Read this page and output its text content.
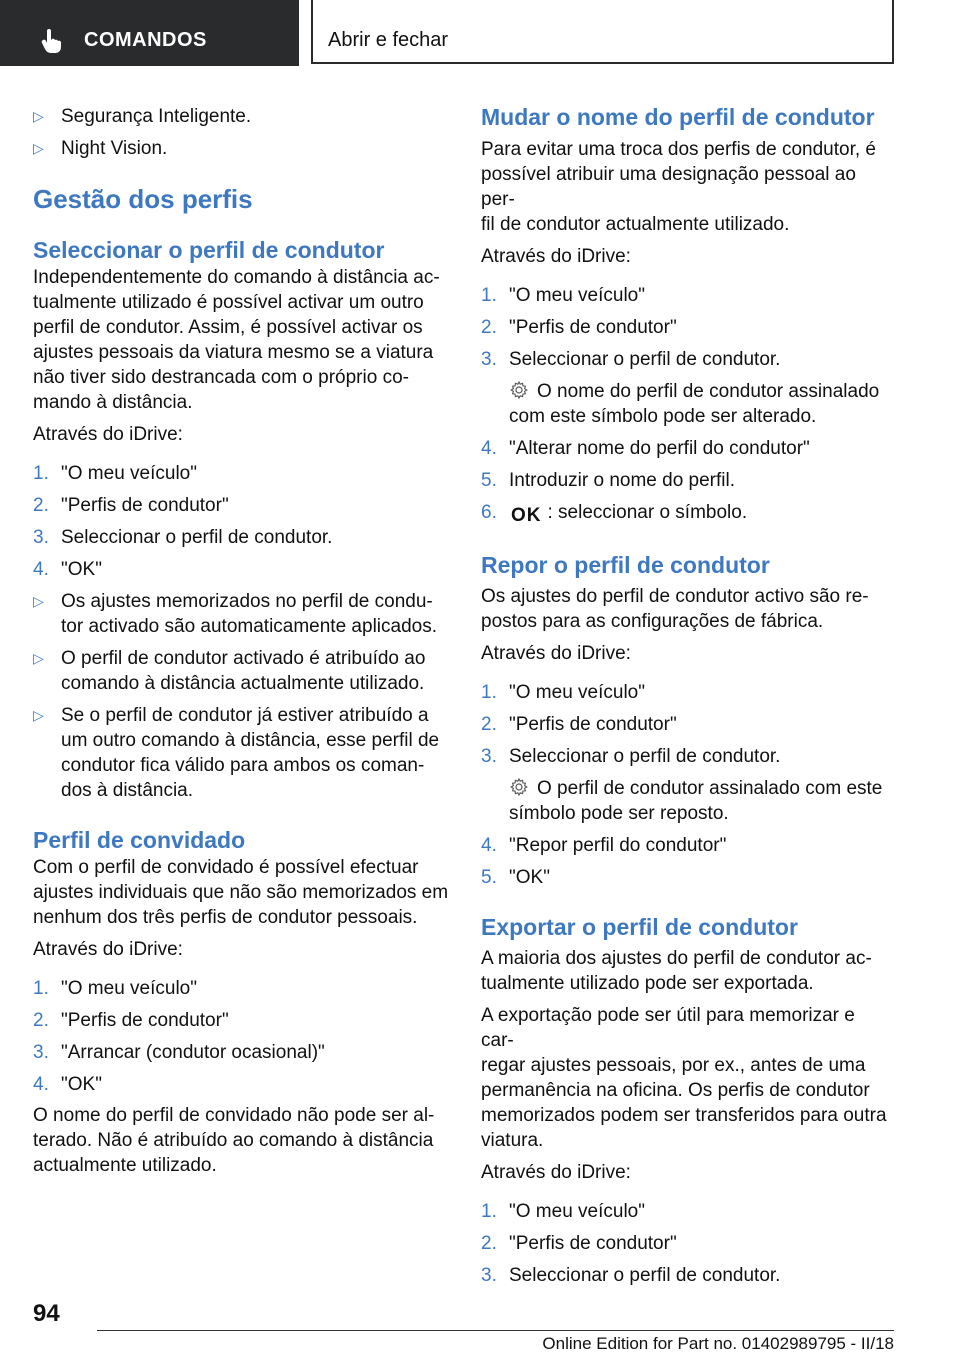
COMANDOS	Abrir e fechar
▷ Segurança Inteligente.
▷ Night Vision.
Gestão dos perfis
Seleccionar o perfil de condutor

Independentemente do comando à distância ac‐
tualmente utilizado é possível activar um outro
perfil de condutor. Assim, é possível activar os
ajustes pessoais da viatura mesmo se a viatura
não tiver sido destrancada com o próprio co‐
mando à distância.

Através do iDrive:

1. "O meu veículo"
2. "Perfis de condutor"
3. Seleccionar o perfil de condutor.
4. "OK"
▷ Os ajustes memorizados no perfil de condu‐
tor activado são automaticamente aplicados.
▷ O perfil de condutor activado é atribuído ao
comando à distância actualmente utilizado.
▷ Se o perfil de condutor já estiver atribuído a
um outro comando à distância, esse perfil de
condutor fica válido para ambos os coman‐
dos à distância.
Perfil de convidado

Com o perfil de convidado é possível efectuar
ajustes individuais que não são memorizados em
nenhum dos três perfis de condutor pessoais.

Através do iDrive:

1. "O meu veículo"
2. "Perfis de condutor"
3. "Arrancar (condutor ocasional)"
4. "OK"

O nome do perfil de convidado não pode ser al‐
terado. Não é atribuído ao comando à distância
actualmente utilizado.

Mudar o nome do perfil de condutor

Para evitar uma troca dos perfis de condutor, é
possível atribuir uma designação pessoal ao per‐
fil de condutor actualmente utilizado.

Através do iDrive:

1. "O meu veículo"
2. "Perfis de condutor"
3. Seleccionar o perfil de condutor.
O nome do perfil de condutor assinalado
com este símbolo pode ser alterado.
4. "Alterar nome do perfil do condutor"
5. Introduzir o nome do perfil.
6. OK : seleccionar o símbolo.
Repor o perfil de condutor

Os ajustes do perfil de condutor activo são re‐
postos para as configurações de fábrica.

Através do iDrive:

1. "O meu veículo"
2. "Perfis de condutor"
3. Seleccionar o perfil de condutor.
O perfil de condutor assinalado com este
símbolo pode ser reposto.
4. "Repor perfil do condutor"
5. "OK"
Exportar o perfil de condutor

A maioria dos ajustes do perfil de condutor ac‐
tualmente utilizado pode ser exportada.

A exportação pode ser útil para memorizar e car‐
regar ajustes pessoais, por ex., antes de uma
permanência na oficina. Os perfis de condutor
memorizados podem ser transferidos para outra
viatura.

Através do iDrive:

1. "O meu veículo"
2. "Perfis de condutor"
3. Seleccionar o perfil de condutor.
94
Online Edition for Part no. 01402989795 - II/18
